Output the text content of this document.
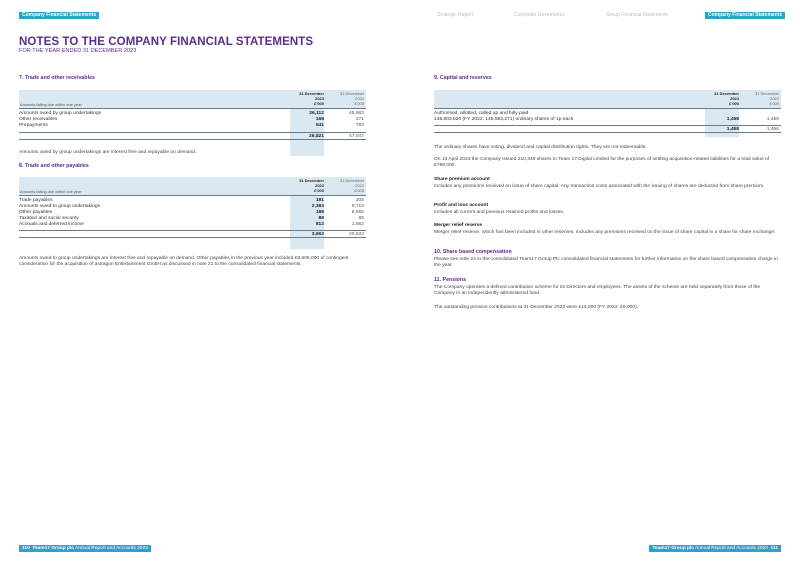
Company Financial Statements
NOTES TO THE COMPANY FINANCIAL STATEMENTS
FOR THE YEAR ENDED 31 DECEMBER 2023
7. Trade and other receivables
Amounts falling due within one year:
31 December
2023
£'000
31 December
2022
£'000
Amounts owed by group undertakings	26,112	45,983
Other receivables	168	271
Prepayments	541	793
26,821	47,047
Amounts owed by group undertakings are interest free and repayable on demand.
8. Trade and other payables
Amounts falling due within one year:
31 December
2023
£'000
31 December
2022
£'000
Trade payables	191	205
Amounts owed to group undertakings	2,383	9,713
Other payables	188	8,865
Taxation and social security	89	85
Accruals and deferred income	812	1,662
3,663	20,533
Amounts owed to group undertakings are interest free and repayable on demand. Other payables in the previous year included £8,606,000 of contingent consideration for the acquisition of astragon Entertainment GmbH as discussed in note 21 to the consolidated financial statements.
110 Team17 Group plc Annual Report and Accounts 2023
Strategic Report	Corporate Governance	Group Financial Statements	Company Financial Statements
9. Capital and reserves
31 December
2023
£'000
31 December
2022
£'000
Authorised, allotted, called up and fully paid
145,803,620 (FY 2022: 145,593,271) ordinary shares of 1p each	1,458	1,456
1,458	1,456
The ordinary shares have voting, dividend and capital distribution rights. They are not redeemable.
On 13 April 2023 the Company issued 210,349 shares to Team 17 Digital Limited for the purposes of settling acquisition-related liabilities for a total value of £799,000.
Share premium account
Includes any premiums received on issue of share capital. Any transaction costs associated with the issuing of shares are deducted from share premium.
Profit and loss account
Includes all current and previous retained profits and losses.
Merger relief reserve
Merger relief reserve, which has been included in other reserves, includes any premiums received on the issue of share capital in a share for share exchange.
10. Share based compensation
Please see note 24 in the consolidated Team17 Group Plc consolidated financial statements for further information on the share based compensation charge in the year.
11. Pensions
The Company operates a defined contribution scheme for its Directors and employees. The assets of the scheme are held separately from those of the Company in an independently administered fund.
The outstanding pension contributions at 31 December 2023 were £13,000 (FY 2022: £9,000).
Team17 Group plc Annual Report and Accounts 2023 111
